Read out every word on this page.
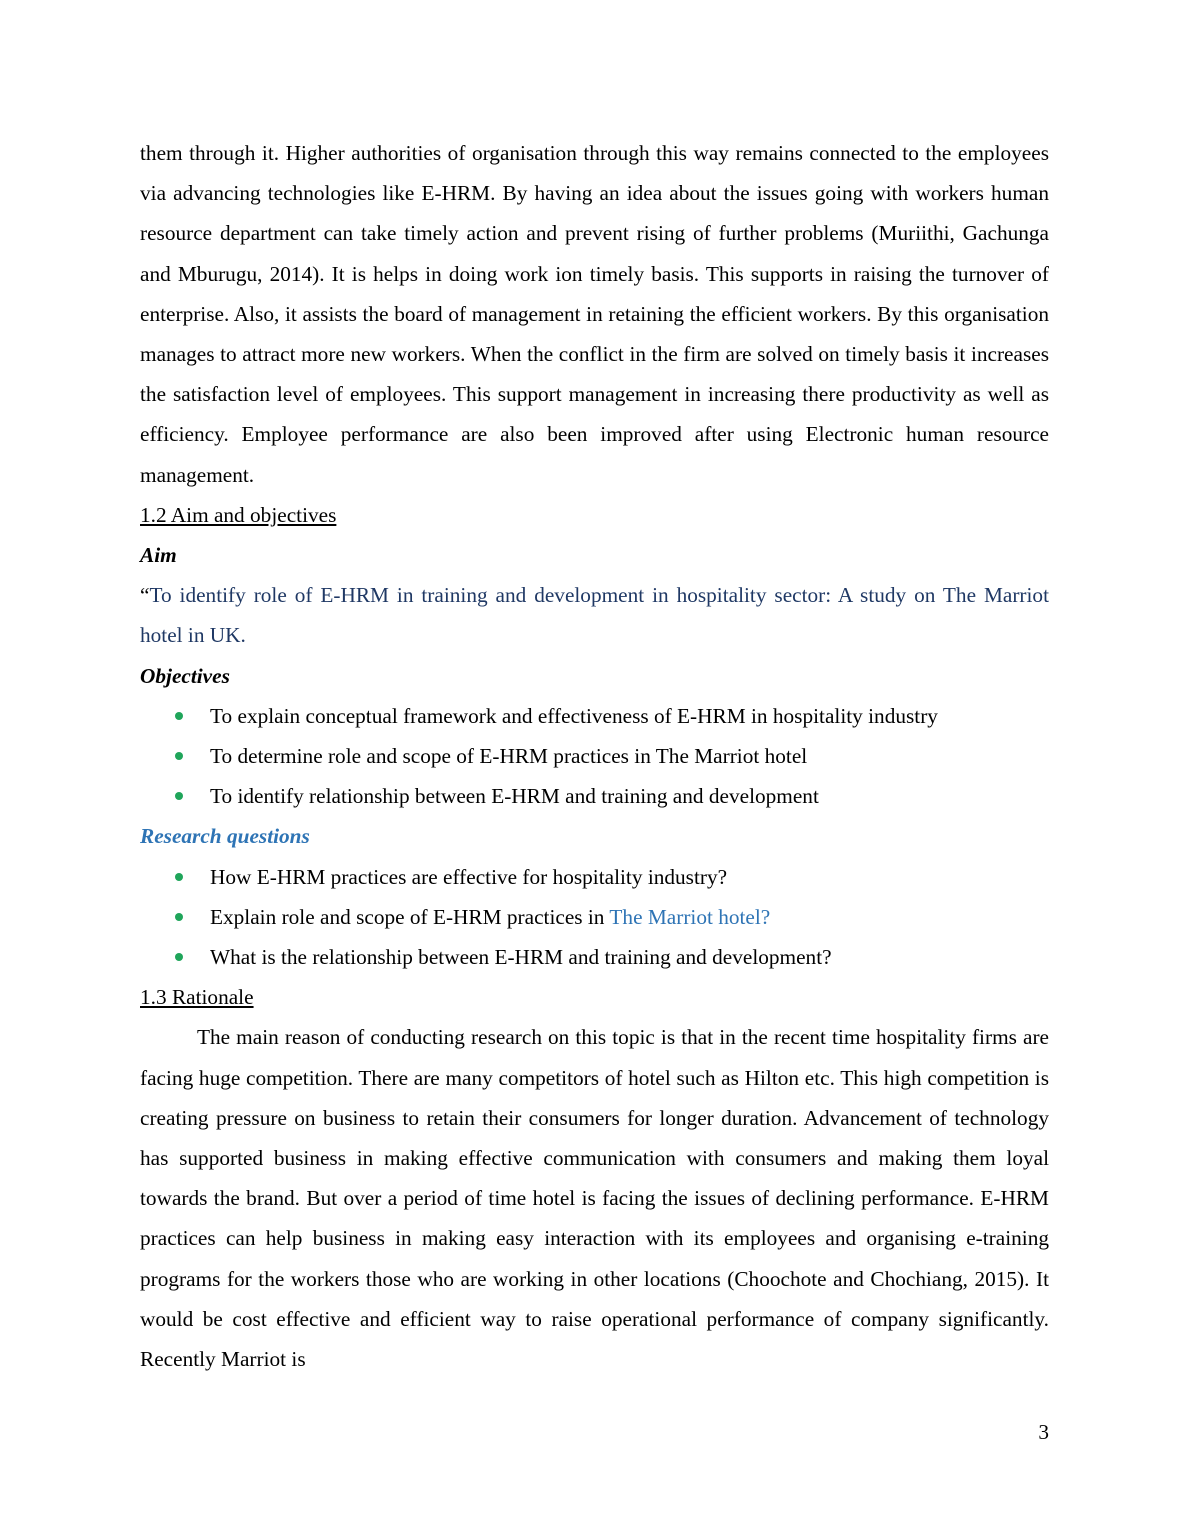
them through it. Higher authorities of organisation through this way remains connected to the employees via advancing technologies like E-HRM. By having an idea about the issues going with workers human resource department can take timely action and prevent rising of further problems (Muriithi, Gachunga and Mburugu, 2014). It is helps in doing work ion timely basis. This supports in raising the turnover of enterprise. Also, it assists the board of management in retaining the efficient workers. By this organisation manages to attract more new workers. When the conflict in the firm are solved on timely basis it increases the satisfaction level of employees. This support management in increasing there productivity as well as efficiency. Employee performance are also been improved after using Electronic human resource management.

1.2 Aim and objectives

Aim

“To identify role of E-HRM in training and development in hospitality sector: A study on The Marriot hotel in UK.

Objectives

To explain conceptual framework and effectiveness of E-HRM in hospitality industry
To determine role and scope of E-HRM practices in The Marriot hotel
To identify relationship between E-HRM and training and development

Research questions

How E-HRM practices are effective for hospitality industry?
Explain role and scope of E-HRM practices in The Marriot hotel?
What is the relationship between E-HRM and training and development?

1.3 Rationale

The main reason of conducting research on this topic is that in the recent time hospitality firms are facing huge competition. There are many competitors of hotel such as Hilton etc. This high competition is creating pressure on business to retain their consumers for longer duration. Advancement of technology has supported business in making effective communication with consumers and making them loyal towards the brand. But over a period of time hotel is facing the issues of declining performance. E-HRM practices can help business in making easy interaction with its employees and organising e-training programs for the workers those who are working in other locations (Choochote and Chochiang, 2015). It would be cost effective and efficient way to raise operational performance of company significantly. Recently Marriot is

3
